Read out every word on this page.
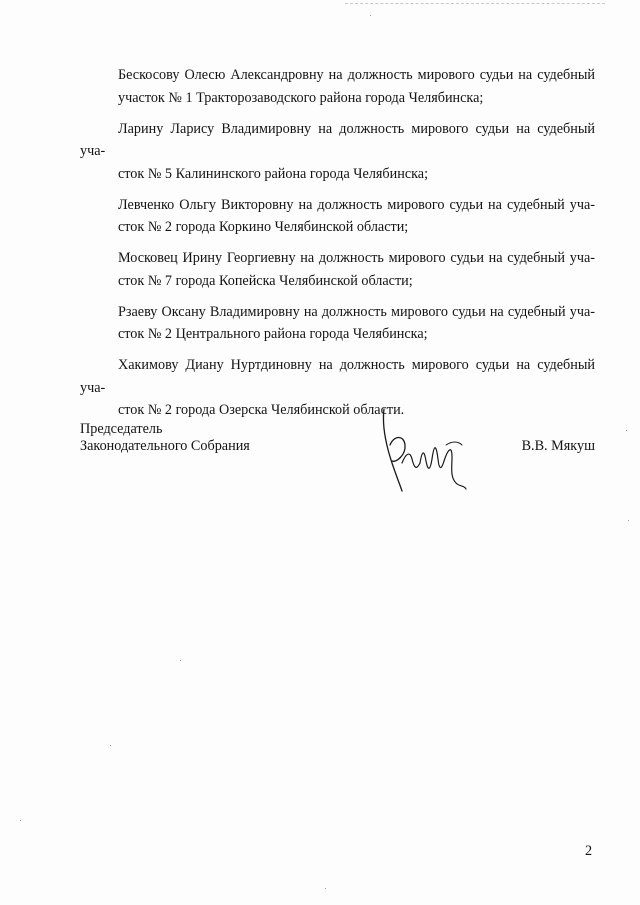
Бескосову Олесю Александровну на должность мирового судьи на судебный
участок № 1 Тракторозаводского района города Челябинска;

Ларину Ларису Владимировну на должность мирового судьи на судебный уча-
сток № 5 Калининского района города Челябинска;

Левченко Ольгу Викторовну на должность мирового судьи на судебный уча-
сток № 2 города Коркино Челябинской области;

Московец Ирину Георгиевну на должность мирового судьи на судебный уча-
сток № 7 города Копейска Челябинской области;

Рзаеву Оксану Владимировну на должность мирового судьи на судебный уча-
сток № 2 Центрального района города Челябинска;

Хакимову Диану Нуртдиновну на должность мирового судьи на судебный уча-
сток № 2 города Озерска Челябинской области.

Председатель
Законодательного Собрания	В.В. Мякуш
2
